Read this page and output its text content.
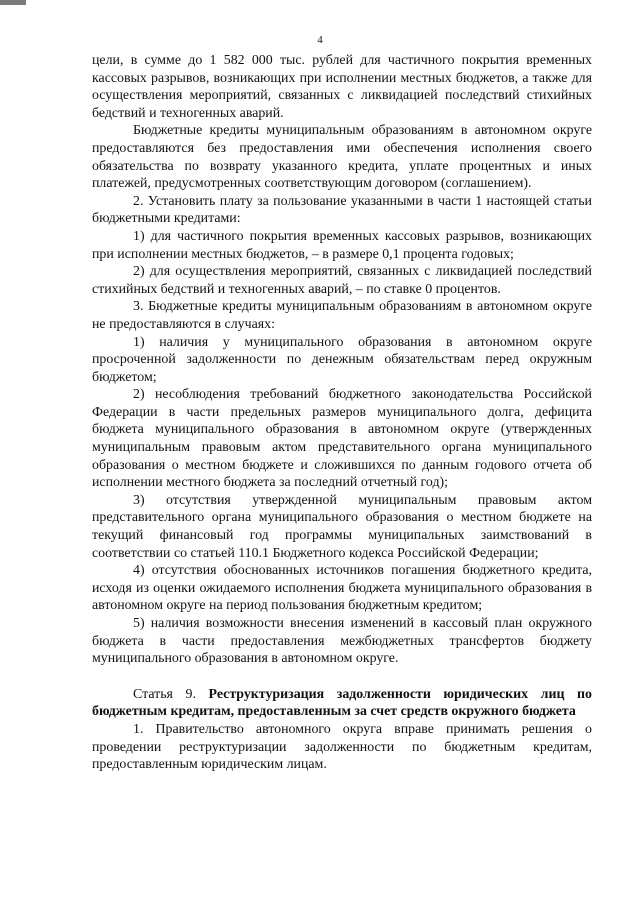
4

цели, в сумме до 1 582 000 тыс. рублей для частичного покрытия временных кассовых разрывов, возникающих при исполнении местных бюджетов, а также для осуществления мероприятий, связанных с ликвидацией последствий стихийных бедствий и техногенных аварий.

Бюджетные кредиты муниципальным образованиям в автономном округе предоставляются без предоставления ими обеспечения исполнения своего обязательства по возврату указанного кредита, уплате процентных и иных платежей, предусмотренных соответствующим договором (соглашением).

2. Установить плату за пользование указанными в части 1 настоящей статьи бюджетными кредитами:

1) для частичного покрытия временных кассовых разрывов, возникающих при исполнении местных бюджетов, – в размере 0,1 процента годовых;

2) для осуществления мероприятий, связанных с ликвидацией последствий стихийных бедствий и техногенных аварий, – по ставке 0 процентов.

3. Бюджетные кредиты муниципальным образованиям в автономном округе не предоставляются в случаях:

1) наличия у муниципального образования в автономном округе просроченной задолженности по денежным обязательствам перед окружным бюджетом;

2) несоблюдения требований бюджетного законодательства Российской Федерации в части предельных размеров муниципального долга, дефицита бюджета муниципального образования в автономном округе (утвержденных муниципальным правовым актом представительного органа муниципального образования о местном бюджете и сложившихся по данным годового отчета об исполнении местного бюджета за последний отчетный год);

3) отсутствия утвержденной муниципальным правовым актом представительного органа муниципального образования о местном бюджете на текущий финансовый год программы муниципальных заимствований в соответствии со статьей 110.1 Бюджетного кодекса Российской Федерации;

4) отсутствия обоснованных источников погашения бюджетного кредита, исходя из оценки ожидаемого исполнения бюджета муниципального образования в автономном округе на период пользования бюджетным кредитом;

5) наличия возможности внесения изменений в кассовый план окружного бюджета в части предоставления межбюджетных трансфертов бюджету муниципального образования в автономном округе.

Статья 9. Реструктуризация задолженности юридических лиц по бюджетным кредитам, предоставленным за счет средств окружного бюджета

1. Правительство автономного округа вправе принимать решения о проведении реструктуризации задолженности по бюджетным кредитам, предоставленным юридическим лицам.
